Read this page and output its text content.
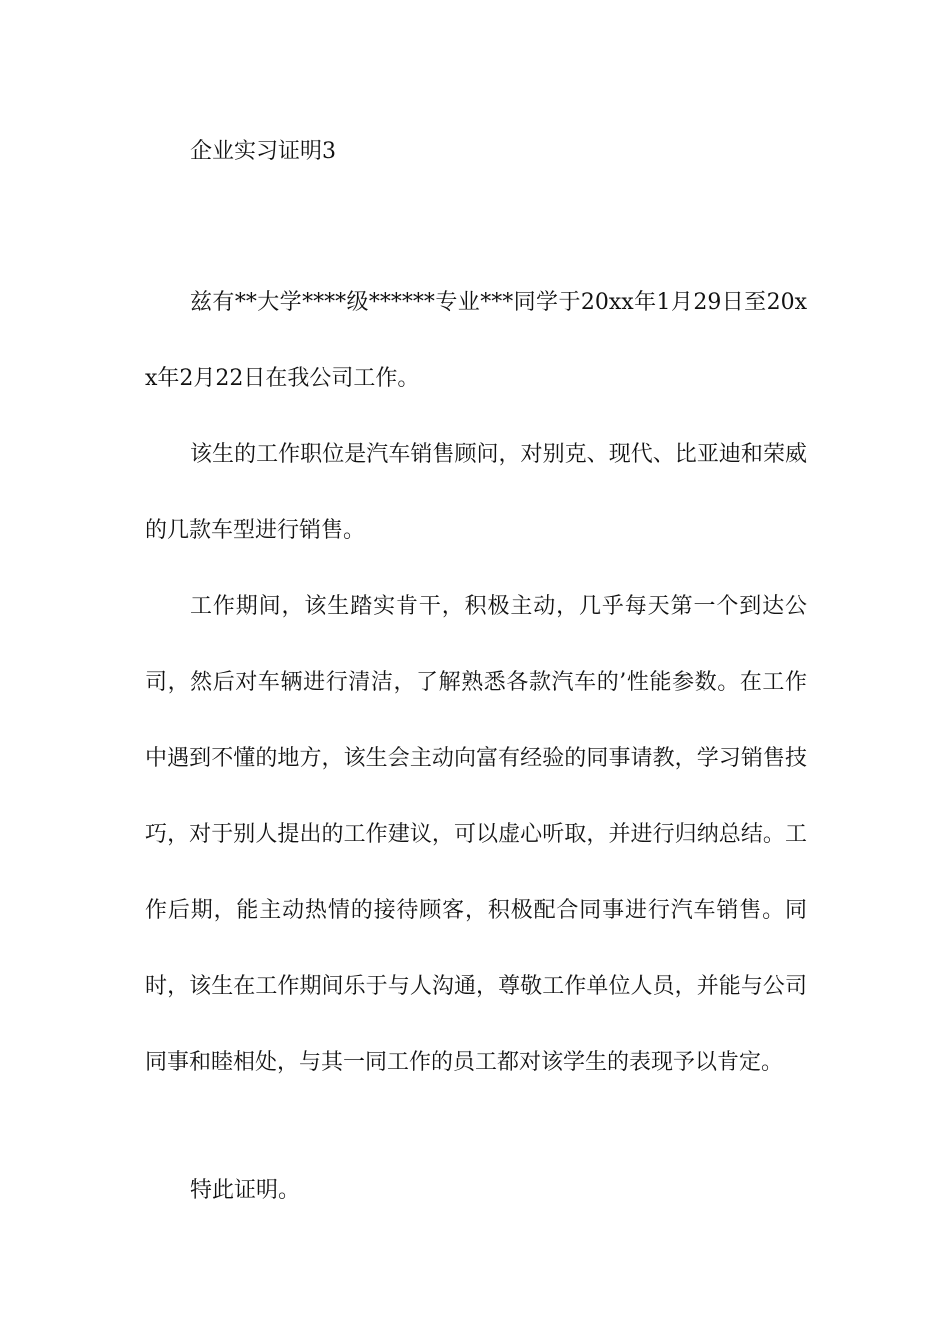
企业实习证明3

兹有**大学****级******专业***同学于20xx年1月29日至20xx年2月22日在我公司工作。

该生的工作职位是汽车销售顾问，对别克、现代、比亚迪和荣威的几款车型进行销售。

工作期间，该生踏实肯干，积极主动，几乎每天第一个到达公司，然后对车辆进行清洁，了解熟悉各款汽车的’性能参数。在工作中遇到不懂的地方，该生会主动向富有经验的同事请教，学习销售技巧，对于别人提出的工作建议，可以虚心听取，并进行归纳总结。工作后期，能主动热情的接待顾客，积极配合同事进行汽车销售。同时，该生在工作期间乐于与人沟通，尊敬工作单位人员，并能与公司同事和睦相处，与其一同工作的员工都对该学生的表现予以肯定。

特此证明。
